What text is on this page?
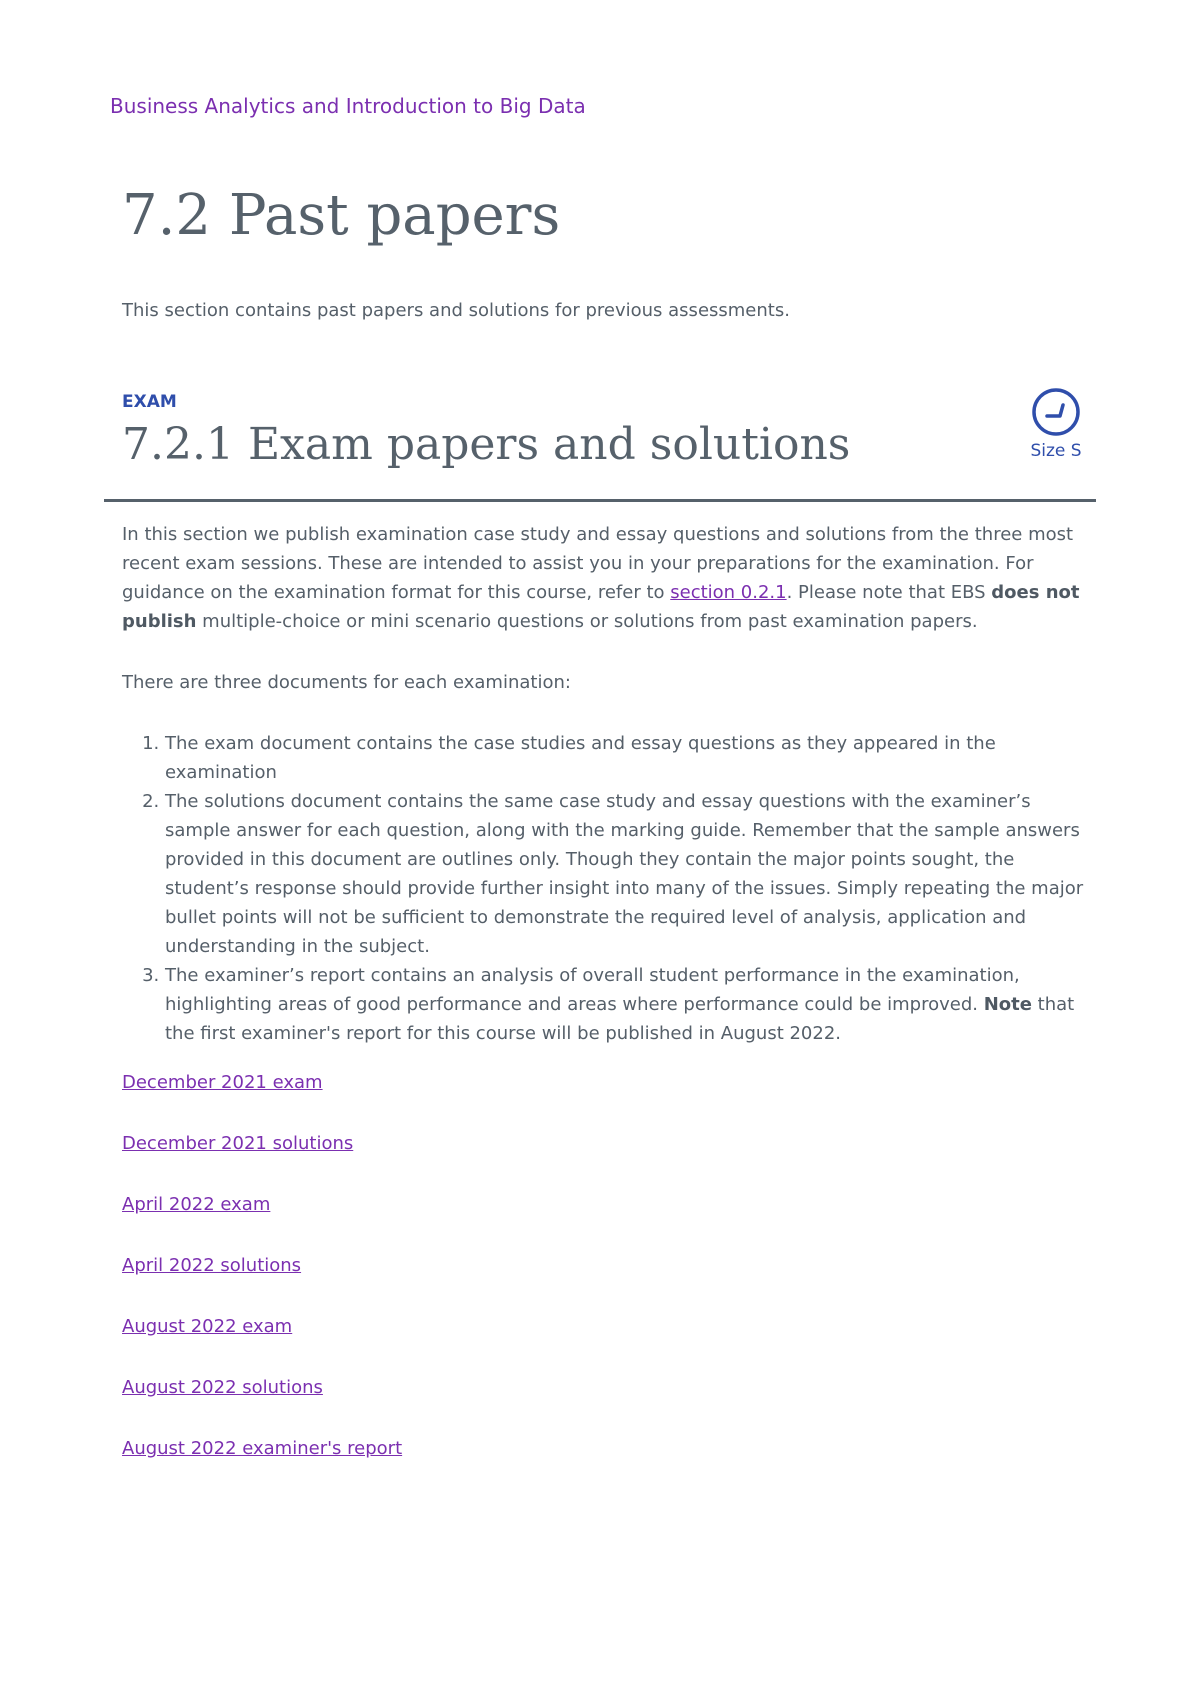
Business Analytics and Introduction to Big Data
7.2 Past papers

This section contains past papers and solutions for previous assessments.

EXAM
7.2.1 Exam papers and solutions	Size S

In this section we publish examination case study and essay questions and solutions from the three most recent exam sessions. These are intended to assist you in your preparations for the examination. For guidance on the examination format for this course, refer to section 0.2.1. Please note that EBS does not publish multiple-choice or mini scenario questions or solutions from past examination papers.

There are three documents for each examination:

1. The exam document contains the case studies and essay questions as they appeared in the examination
2. The solutions document contains the same case study and essay questions with the examiner’s sample answer for each question, along with the marking guide. Remember that the sample answers provided in this document are outlines only. Though they contain the major points sought, the student’s response should provide further insight into many of the issues. Simply repeating the major bullet points will not be sufficient to demonstrate the required level of analysis, application and understanding in the subject.
3. The examiner’s report contains an analysis of overall student performance in the examination, highlighting areas of good performance and areas where performance could be improved. Note that the first examiner's report for this course will be published in August 2022.
December 2021 exam
December 2021 solutions
April 2022 exam
April 2022 solutions
August 2022 exam
August 2022 solutions
August 2022 examiner's report
